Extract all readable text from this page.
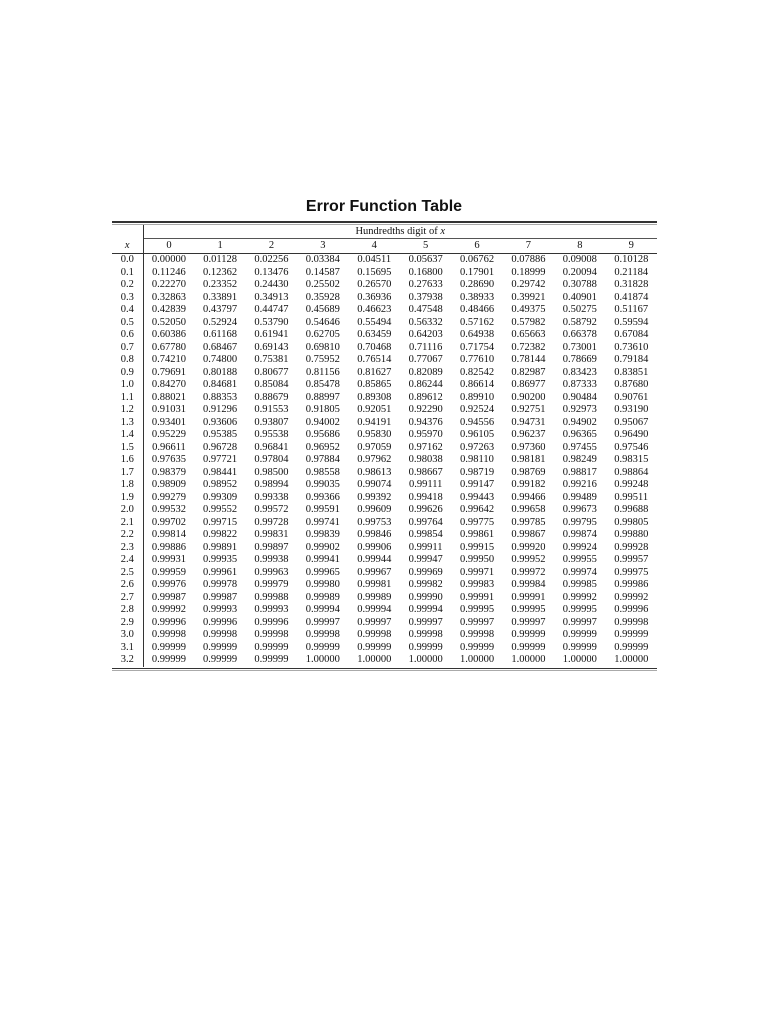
Error Function Table
	Hundredths digit of x									
x	0	1	2	3	4	5	6	7	8	9
0.0	0.00000	0.01128	0.02256	0.03384	0.04511	0.05637	0.06762	0.07886	0.09008	0.10128
0.1	0.11246	0.12362	0.13476	0.14587	0.15695	0.16800	0.17901	0.18999	0.20094	0.21184
0.2	0.22270	0.23352	0.24430	0.25502	0.26570	0.27633	0.28690	0.29742	0.30788	0.31828
0.3	0.32863	0.33891	0.34913	0.35928	0.36936	0.37938	0.38933	0.39921	0.40901	0.41874
0.4	0.42839	0.43797	0.44747	0.45689	0.46623	0.47548	0.48466	0.49375	0.50275	0.51167
0.5	0.52050	0.52924	0.53790	0.54646	0.55494	0.56332	0.57162	0.57982	0.58792	0.59594
0.6	0.60386	0.61168	0.61941	0.62705	0.63459	0.64203	0.64938	0.65663	0.66378	0.67084
0.7	0.67780	0.68467	0.69143	0.69810	0.70468	0.71116	0.71754	0.72382	0.73001	0.73610
0.8	0.74210	0.74800	0.75381	0.75952	0.76514	0.77067	0.77610	0.78144	0.78669	0.79184
0.9	0.79691	0.80188	0.80677	0.81156	0.81627	0.82089	0.82542	0.82987	0.83423	0.83851
1.0	0.84270	0.84681	0.85084	0.85478	0.85865	0.86244	0.86614	0.86977	0.87333	0.87680
1.1	0.88021	0.88353	0.88679	0.88997	0.89308	0.89612	0.89910	0.90200	0.90484	0.90761
1.2	0.91031	0.91296	0.91553	0.91805	0.92051	0.92290	0.92524	0.92751	0.92973	0.93190
1.3	0.93401	0.93606	0.93807	0.94002	0.94191	0.94376	0.94556	0.94731	0.94902	0.95067
1.4	0.95229	0.95385	0.95538	0.95686	0.95830	0.95970	0.96105	0.96237	0.96365	0.96490
1.5	0.96611	0.96728	0.96841	0.96952	0.97059	0.97162	0.97263	0.97360	0.97455	0.97546
1.6	0.97635	0.97721	0.97804	0.97884	0.97962	0.98038	0.98110	0.98181	0.98249	0.98315
1.7	0.98379	0.98441	0.98500	0.98558	0.98613	0.98667	0.98719	0.98769	0.98817	0.98864
1.8	0.98909	0.98952	0.98994	0.99035	0.99074	0.99111	0.99147	0.99182	0.99216	0.99248
1.9	0.99279	0.99309	0.99338	0.99366	0.99392	0.99418	0.99443	0.99466	0.99489	0.99511
2.0	0.99532	0.99552	0.99572	0.99591	0.99609	0.99626	0.99642	0.99658	0.99673	0.99688
2.1	0.99702	0.99715	0.99728	0.99741	0.99753	0.99764	0.99775	0.99785	0.99795	0.99805
2.2	0.99814	0.99822	0.99831	0.99839	0.99846	0.99854	0.99861	0.99867	0.99874	0.99880
2.3	0.99886	0.99891	0.99897	0.99902	0.99906	0.99911	0.99915	0.99920	0.99924	0.99928
2.4	0.99931	0.99935	0.99938	0.99941	0.99944	0.99947	0.99950	0.99952	0.99955	0.99957
2.5	0.99959	0.99961	0.99963	0.99965	0.99967	0.99969	0.99971	0.99972	0.99974	0.99975
2.6	0.99976	0.99978	0.99979	0.99980	0.99981	0.99982	0.99983	0.99984	0.99985	0.99986
2.7	0.99987	0.99987	0.99988	0.99989	0.99989	0.99990	0.99991	0.99991	0.99992	0.99992
2.8	0.99992	0.99993	0.99993	0.99994	0.99994	0.99994	0.99995	0.99995	0.99995	0.99996
2.9	0.99996	0.99996	0.99996	0.99997	0.99997	0.99997	0.99997	0.99997	0.99997	0.99998
3.0	0.99998	0.99998	0.99998	0.99998	0.99998	0.99998	0.99998	0.99999	0.99999	0.99999
3.1	0.99999	0.99999	0.99999	0.99999	0.99999	0.99999	0.99999	0.99999	0.99999	0.99999
3.2	0.99999	0.99999	0.99999	1.00000	1.00000	1.00000	1.00000	1.00000	1.00000	1.00000
